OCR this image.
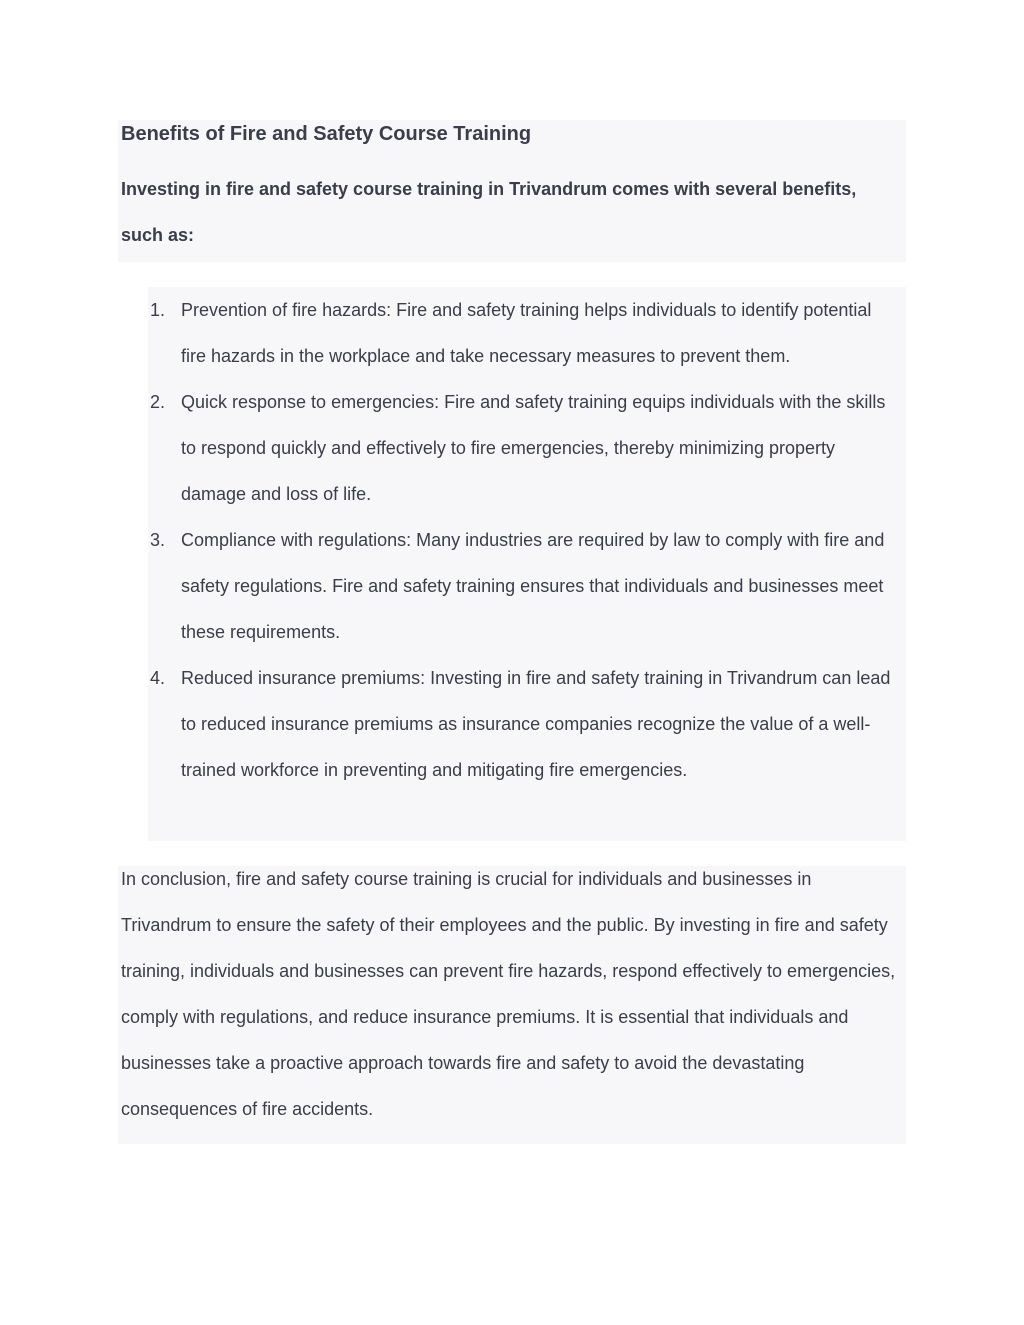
Benefits of Fire and Safety Course Training

Investing in fire and safety course training in Trivandrum comes with several benefits, such as:

1. Prevention of fire hazards: Fire and safety training helps individuals to identify potential fire hazards in the workplace and take necessary measures to prevent them.
2. Quick response to emergencies: Fire and safety training equips individuals with the skills to respond quickly and effectively to fire emergencies, thereby minimizing property damage and loss of life.
3. Compliance with regulations: Many industries are required by law to comply with fire and safety regulations. Fire and safety training ensures that individuals and businesses meet these requirements.
4. Reduced insurance premiums: Investing in fire and safety training in Trivandrum can lead to reduced insurance premiums as insurance companies recognize the value of a well-trained workforce in preventing and mitigating fire emergencies.

In conclusion, fire and safety course training is crucial for individuals and businesses in Trivandrum to ensure the safety of their employees and the public. By investing in fire and safety training, individuals and businesses can prevent fire hazards, respond effectively to emergencies, comply with regulations, and reduce insurance premiums. It is essential that individuals and businesses take a proactive approach towards fire and safety to avoid the devastating consequences of fire accidents.
